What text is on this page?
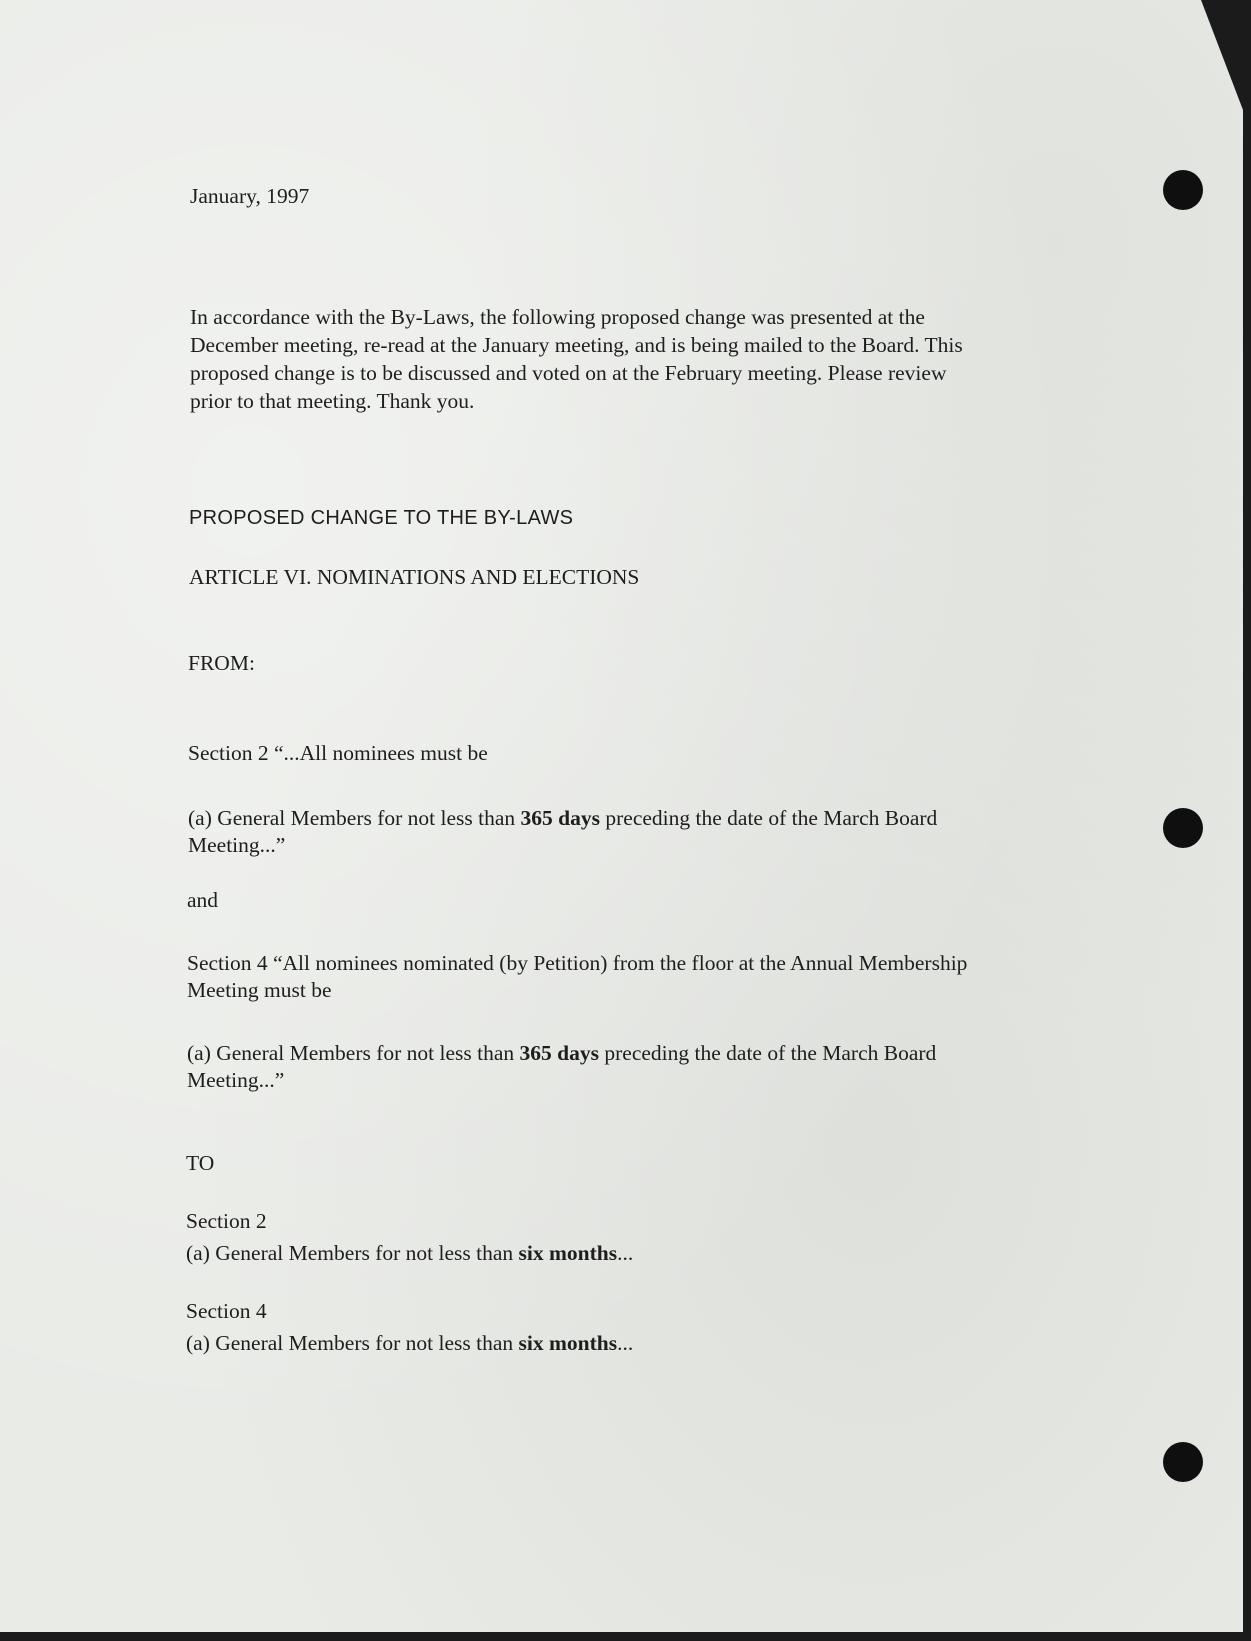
January, 1997

In accordance with the By-Laws, the following proposed change was presented at the

December meeting, re-read at the January meeting, and is being mailed to the Board. This

proposed change is to be discussed and voted on at the February meeting. Please review

prior to that meeting. Thank you.

PROPOSED CHANGE TO THE BY-LAWS

ARTICLE VI. NOMINATIONS AND ELECTIONS

FROM:

Section 2 “...All nominees must be

(a) General Members for not less than 365 days preceding the date of the March Board

Meeting...”

and

Section 4 “All nominees nominated (by Petition) from the floor at the Annual Membership

Meeting must be

(a) General Members for not less than 365 days preceding the date of the March Board

Meeting...”

TO

Section 2

(a) General Members for not less than six months...

Section 4

(a) General Members for not less than six months...
